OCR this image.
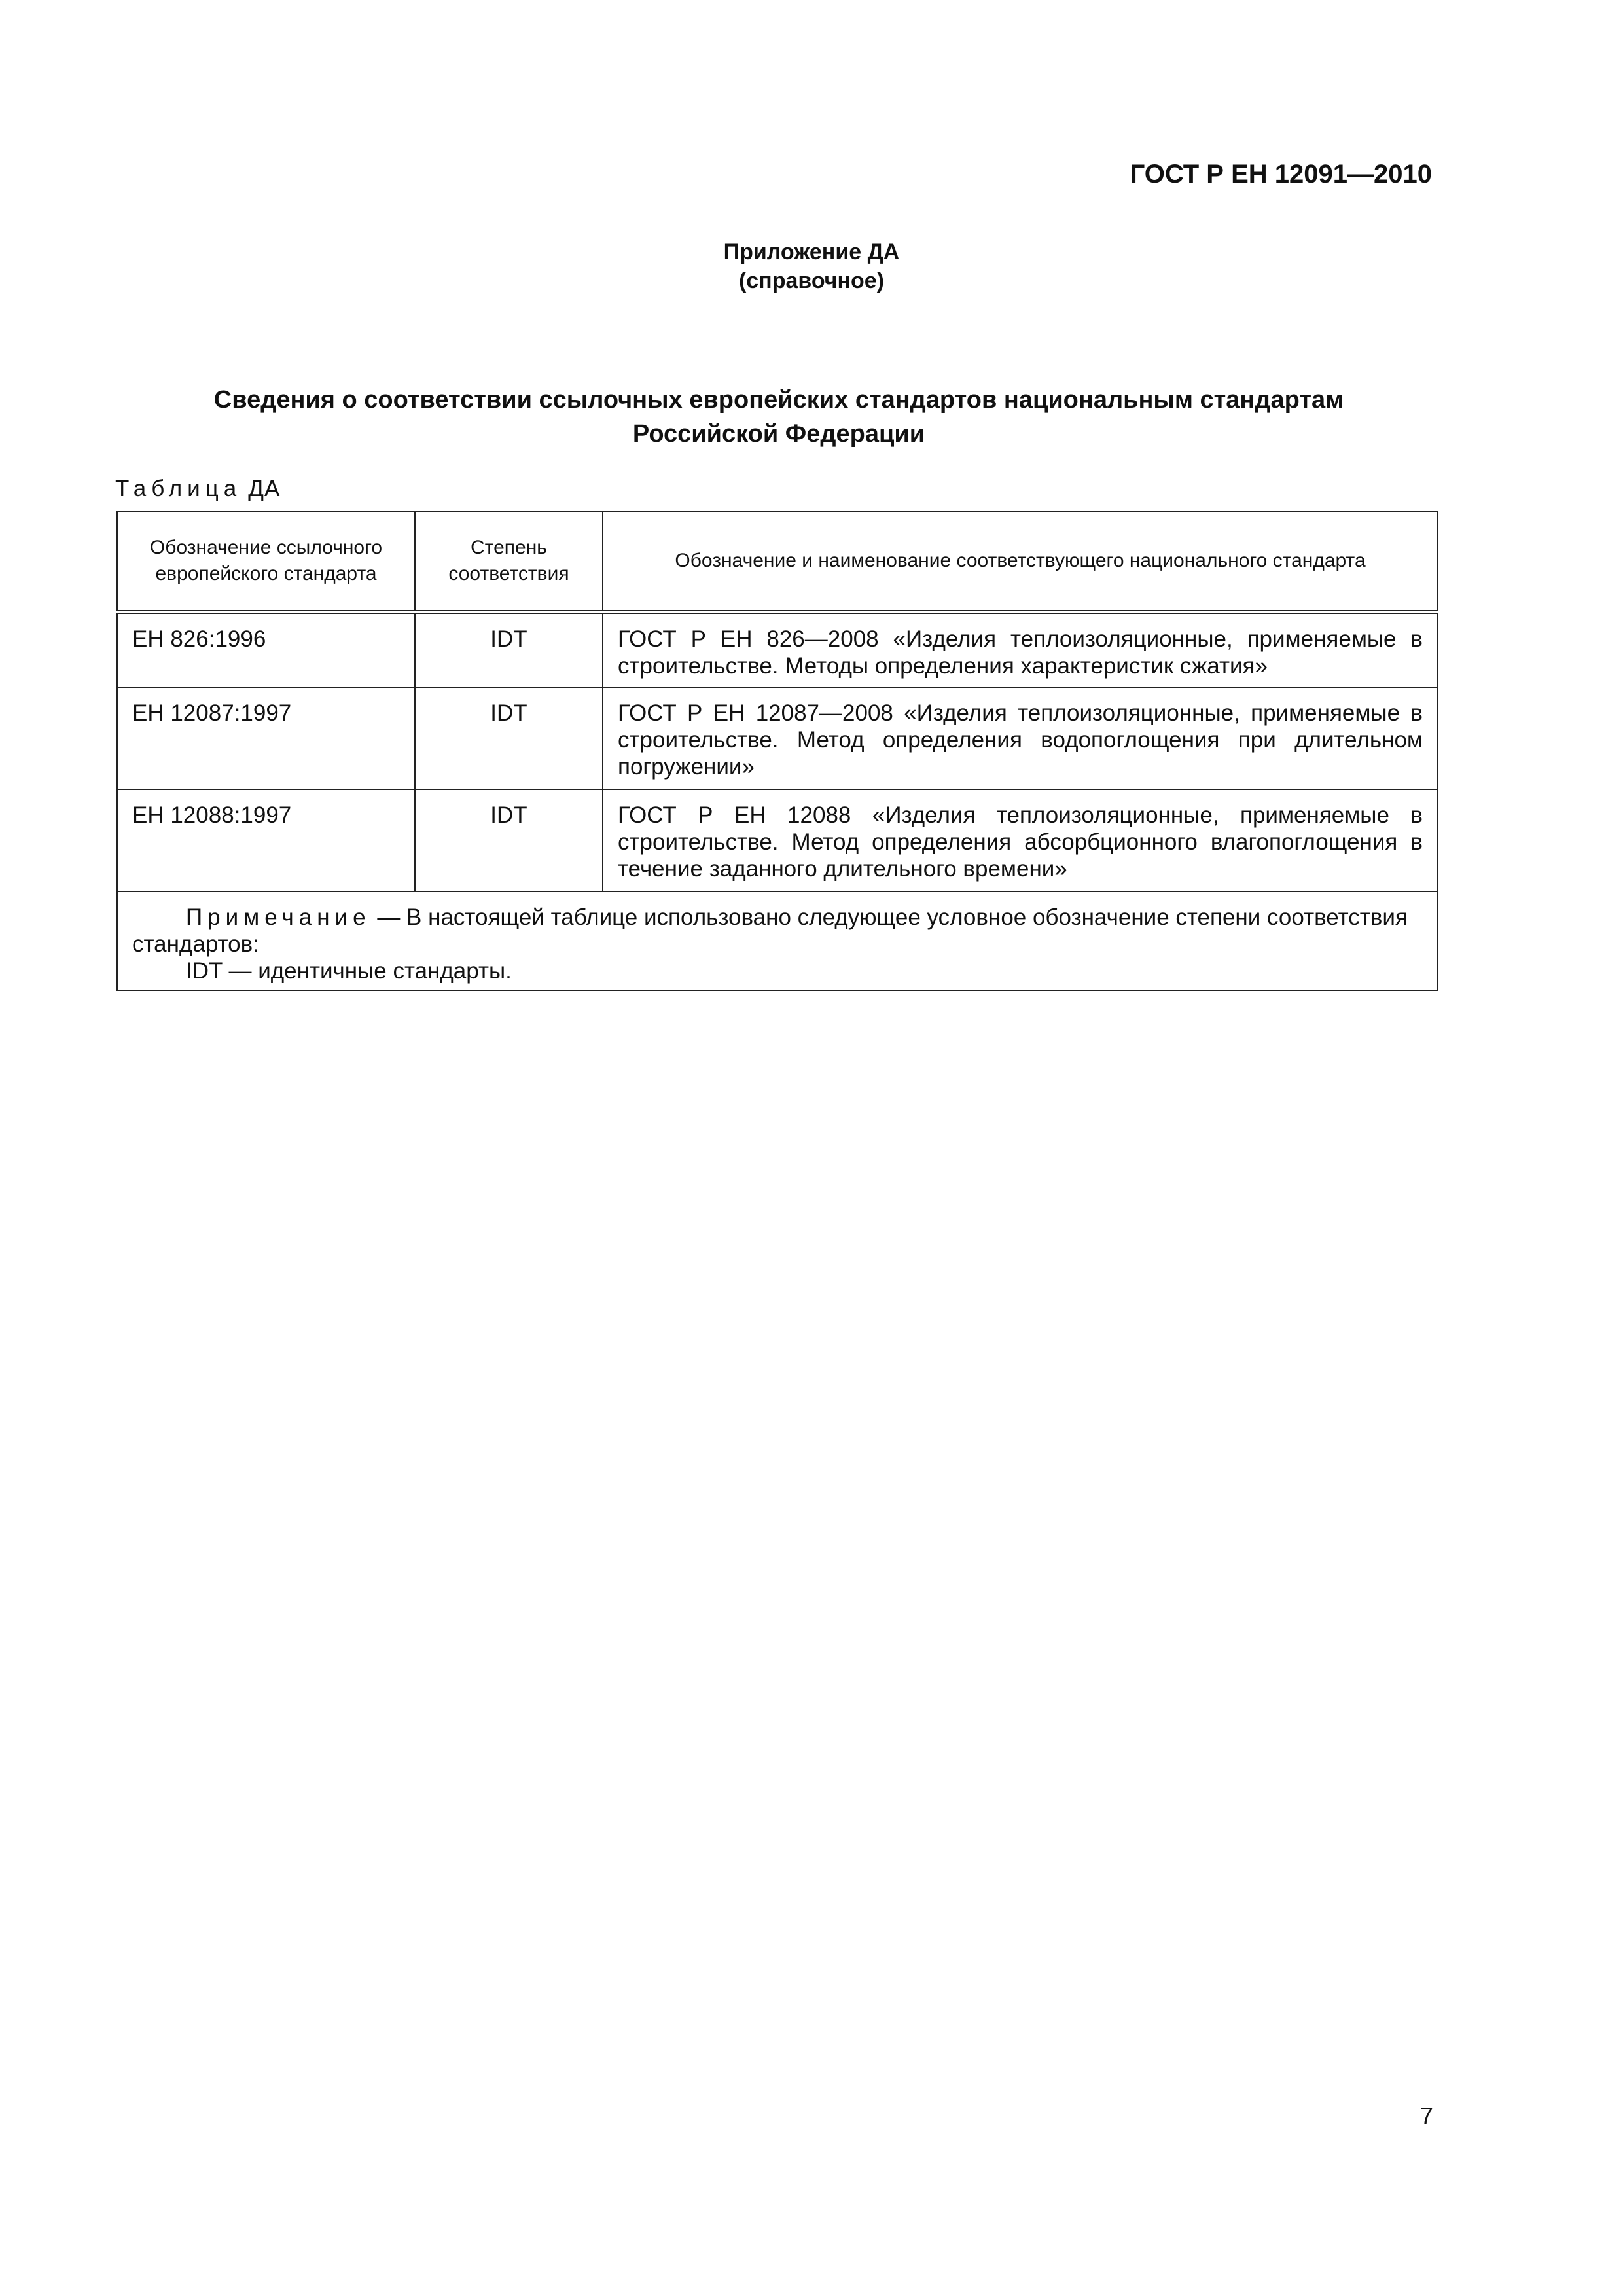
ГОСТ Р ЕН 12091—2010
Приложение ДА
(справочное)
Сведения о соответствии ссылочных европейских стандартов национальным стандартам
Российской Федерации
Таблица ДА
Обозначение ссылочного европейского стандарта	Степень соответствия	Обозначение и наименование соответствующего национального стандарта
ЕН 826:1996	IDT	ГОСТ Р ЕН 826—2008 «Изделия теплоизоляционные, применяемые в строительстве. Методы определения характеристик сжатия»
ЕН 12087:1997	IDT	ГОСТ Р ЕН 12087—2008 «Изделия теплоизоляционные, применяемые в строительстве. Метод определения водопоглощения при длительном погружении»
ЕН 12088:1997	IDT	ГОСТ Р ЕН 12088 «Изделия теплоизоляционные, применяемые в строительстве. Метод определения абсорбционного влагопоглощения в течение заданного длительного времени»

Примечание — В настоящей таблице использовано следующее условное обозначение степени соответствия стандартов:
IDT — идентичные стандарты.		
7
